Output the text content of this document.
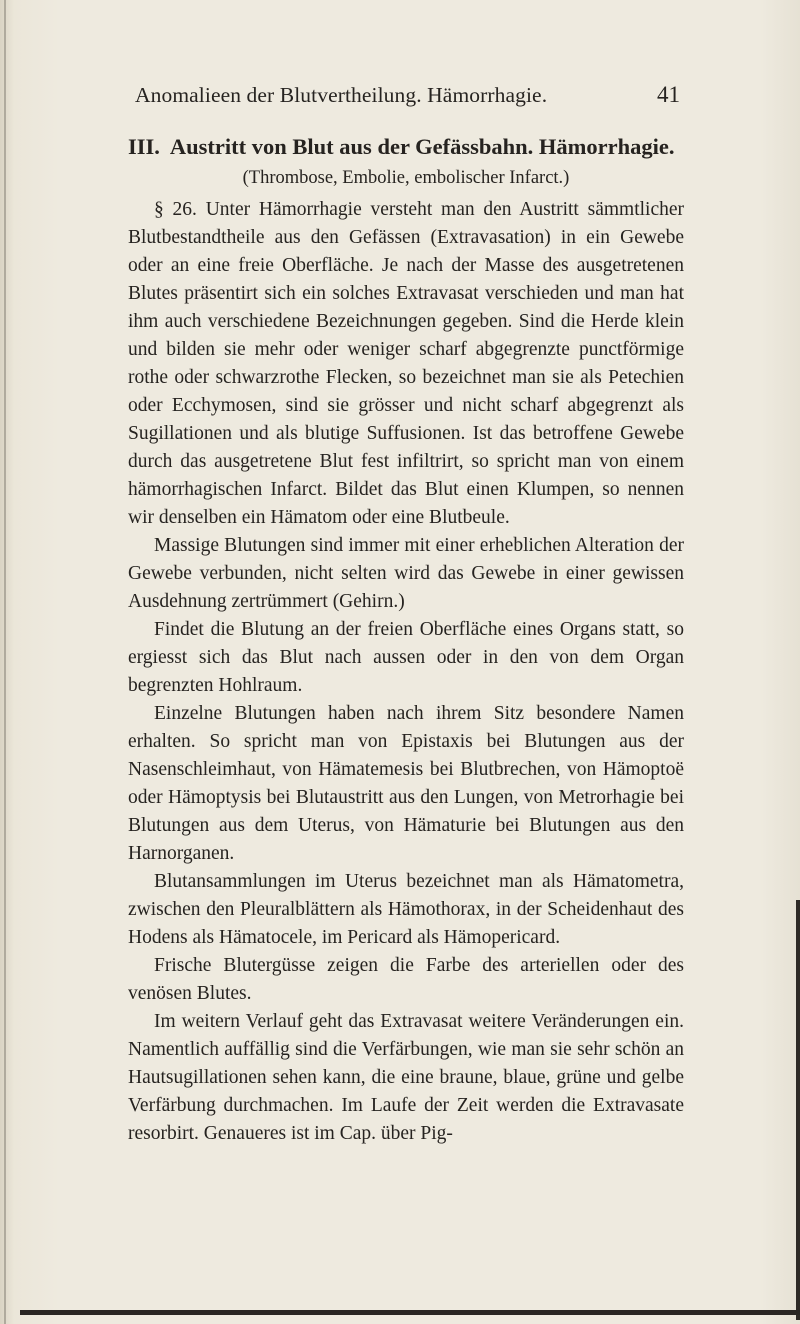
Anomalieen der Blutvertheilung. Hämorrhagie.	41
III. Austritt von Blut aus der Gefässbahn. Hämorrhagie.
(Thrombose, Embolie, embolischer Infarct.)

§ 26. Unter Hämorrhagie versteht man den Austritt sämmtlicher Blutbestandtheile aus den Gefässen (Extravasation) in ein Gewebe oder an eine freie Oberfläche. Je nach der Masse des ausgetretenen Blutes präsentirt sich ein solches Extravasat verschieden und man hat ihm auch verschiedene Bezeichnungen gegeben. Sind die Herde klein und bilden sie mehr oder weniger scharf abgegrenzte punctförmige rothe oder schwarzrothe Flecken, so bezeichnet man sie als Petechien oder Ecchymosen, sind sie grösser und nicht scharf abgegrenzt als Sugillationen und als blutige Suffusionen. Ist das betroffene Gewebe durch das ausgetretene Blut fest infiltrirt, so spricht man von einem hämorrhagischen Infarct. Bildet das Blut einen Klumpen, so nennen wir denselben ein Hämatom oder eine Blutbeule.

Massige Blutungen sind immer mit einer erheblichen Alteration der Gewebe verbunden, nicht selten wird das Gewebe in einer gewissen Ausdehnung zertrümmert (Gehirn.)

Findet die Blutung an der freien Oberfläche eines Organs statt, so ergiesst sich das Blut nach aussen oder in den von dem Organ begrenzten Hohlraum.

Einzelne Blutungen haben nach ihrem Sitz besondere Namen erhalten. So spricht man von Epistaxis bei Blutungen aus der Nasenschleimhaut, von Hämatemesis bei Blutbrechen, von Hämoptoë oder Hämoptysis bei Blutaustritt aus den Lungen, von Metrorhagie bei Blutungen aus dem Uterus, von Hämaturie bei Blutungen aus den Harnorganen.

Blutansammlungen im Uterus bezeichnet man als Hämatometra, zwischen den Pleuralblättern als Hämothorax, in der Scheidenhaut des Hodens als Hämatocele, im Pericard als Hämopericard.

Frische Blutergüsse zeigen die Farbe des arteriellen oder des venösen Blutes.

Im weitern Verlauf geht das Extravasat weitere Veränderungen ein. Namentlich auffällig sind die Verfärbungen, wie man sie sehr schön an Hautsugillationen sehen kann, die eine braune, blaue, grüne und gelbe Verfärbung durchmachen. Im Laufe der Zeit werden die Extravasate resorbirt. Genaueres ist im Cap. über Pig-
